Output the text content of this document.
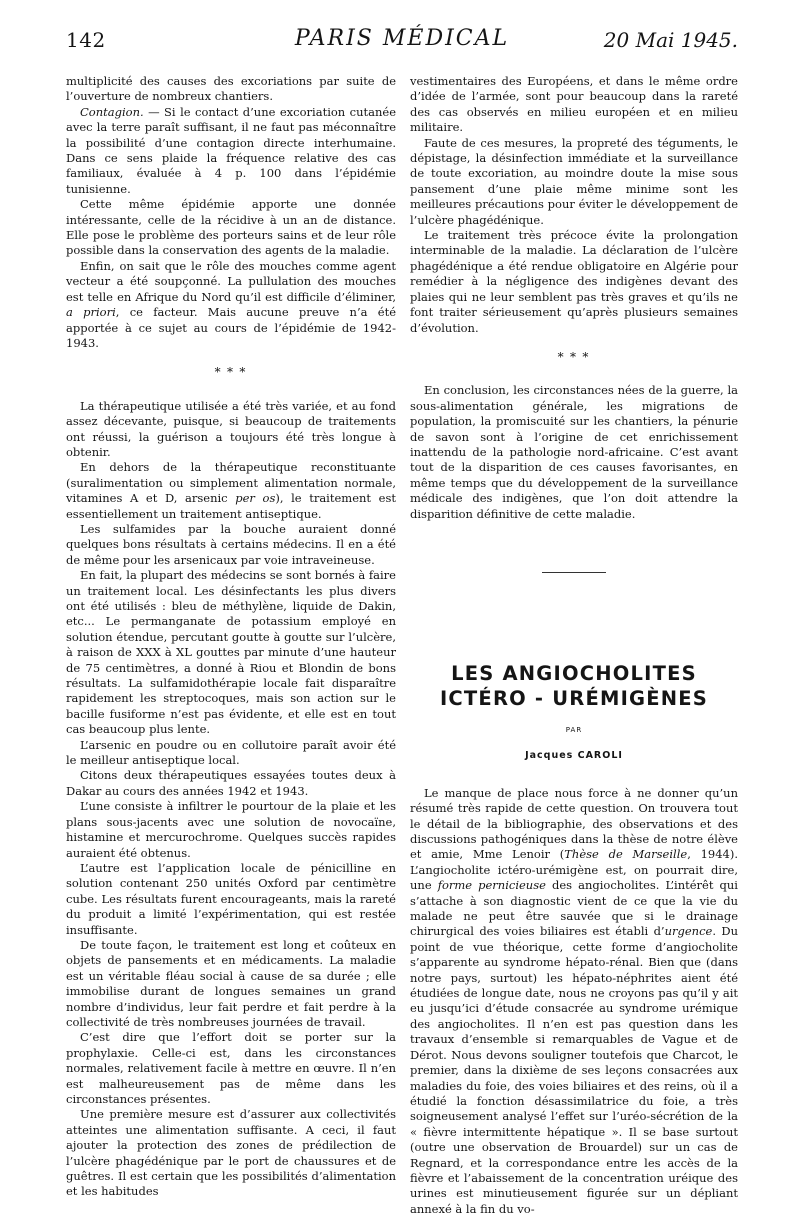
142	PARIS MÉDICAL	20 Mai 1945.

multiplicité des causes des excoriations par suite de l’ouverture de nombreux chantiers.

Contagion. — Si le contact d’une excoriation cutanée avec la terre paraît suffisant, il ne faut pas méconnaître la possibilité d’une contagion directe interhumaine. Dans ce sens plaide la fréquence relative des cas familiaux, évaluée à 4 p. 100 dans l’épidémie tunisienne.

Cette même épidémie apporte une donnée intéressante, celle de la récidive à un an de distance. Elle pose le problème des porteurs sains et de leur rôle possible dans la conservation des agents de la maladie.

Enfin, on sait que le rôle des mouches comme agent vecteur a été soupçonné. La pullulation des mouches est telle en Afrique du Nord qu’il est difficile d’éliminer, a priori, ce facteur. Mais aucune preuve n’a été apportée à ce sujet au cours de l’épidémie de 1942-1943.

* * *

La thérapeutique utilisée a été très variée, et au fond assez décevante, puisque, si beaucoup de traitements ont réussi, la guérison a toujours été très longue à obtenir.

En dehors de la thérapeutique reconstituante (suralimentation ou simplement alimentation normale, vitamines A et D, arsenic per os), le traitement est essentiellement un traitement antiseptique.

Les sulfamides par la bouche auraient donné quelques bons résultats à certains médecins. Il en a été de même pour les arsenicaux par voie intraveineuse.

En fait, la plupart des médecins se sont bornés à faire un traitement local. Les désinfectants les plus divers ont été utilisés : bleu de méthylène, liquide de Dakin, etc... Le permanganate de potassium employé en solution étendue, percutant goutte à goutte sur l’ulcère, à raison de XXX à XL gouttes par minute d’une hauteur de 75 centimètres, a donné à Riou et Blondin de bons résultats. La sulfamidothérapie locale fait disparaître rapidement les streptocoques, mais son action sur le bacille fusiforme n’est pas évidente, et elle est en tout cas beaucoup plus lente.

L’arsenic en poudre ou en collutoire paraît avoir été le meilleur antiseptique local.

Citons deux thérapeutiques essayées toutes deux à Dakar au cours des années 1942 et 1943.

L’une consiste à infiltrer le pourtour de la plaie et les plans sous-jacents avec une solution de novocaïne, histamine et mercurochrome. Quelques succès rapides auraient été obtenus.

L’autre est l’application locale de pénicilline en solution contenant 250 unités Oxford par centimètre cube. Les résultats furent encourageants, mais la rareté du produit a limité l’expérimentation, qui est restée insuffisante.

De toute façon, le traitement est long et coûteux en objets de pansements et en médicaments. La maladie est un véritable fléau social à cause de sa durée ; elle immobilise durant de longues semaines un grand nombre d’individus, leur fait perdre et fait perdre à la collectivité de très nombreuses journées de travail.

C’est dire que l’effort doit se porter sur la prophylaxie. Celle-ci est, dans les circonstances normales, relativement facile à mettre en œuvre. Il n’en est malheureusement pas de même dans les circonstances présentes.

Une première mesure est d’assurer aux collectivités atteintes une alimentation suffisante. A ceci, il faut ajouter la protection des zones de prédilection de l’ulcère phagédénique par le port de chaussures et de guêtres. Il est certain que les possibilités d’alimentation et les habitudes

vestimentaires des Européens, et dans le même ordre d’idée de l’armée, sont pour beaucoup dans la rareté des cas observés en milieu européen et en milieu militaire.

Faute de ces mesures, la propreté des téguments, le dépistage, la désinfection immédiate et la surveillance de toute excoriation, au moindre doute la mise sous pansement d’une plaie même minime sont les meilleures précautions pour éviter le développement de l’ulcère phagédénique.

Le traitement très précoce évite la prolongation interminable de la maladie. La déclaration de l’ulcère phagédénique a été rendue obligatoire en Algérie pour remédier à la négligence des indigènes devant des plaies qui ne leur semblent pas très graves et qu’ils ne font traiter sérieusement qu’après plusieurs semaines d’évolution.

* * *

En conclusion, les circonstances nées de la guerre, la sous-alimentation générale, les migrations de population, la promiscuité sur les chantiers, la pénurie de savon sont à l’origine de cet enrichissement inattendu de la pathologie nord-africaine. C’est avant tout de la disparition de ces causes favorisantes, en même temps que du développement de la surveillance médicale des indigènes, que l’on doit attendre la disparition définitive de cette maladie.

LES ANGIOCHOLITES
ICTÉRO - URÉMIGÈNES
PAR
Jacques CAROLI

Le manque de place nous force à ne donner qu’un résumé très rapide de cette question. On trouvera tout le détail de la bibliographie, des observations et des discussions pathogéniques dans la thèse de notre élève et amie, Mme Lenoir (Thèse de Marseille, 1944). L’angiocholite ictéro-urémigène est, on pourrait dire, une forme pernicieuse des angiocholites. L’intérêt qui s’attache à son diagnostic vient de ce que la vie du malade ne peut être sauvée que si le drainage chirurgical des voies biliaires est établi d’urgence. Du point de vue théorique, cette forme d’angiocholite s’apparente au syndrome hépato-rénal. Bien que (dans notre pays, surtout) les hépato-néphrites aient été étudiées de longue date, nous ne croyons pas qu’il y ait eu jusqu’ici d’étude consacrée au syndrome urémique des angiocholites. Il n’en est pas question dans les travaux d’ensemble si remarquables de Vague et de Dérot. Nous devons souligner toutefois que Charcot, le premier, dans la dixième de ses leçons consacrées aux maladies du foie, des voies biliaires et des reins, où il a étudié la fonction désassimilatrice du foie, a très soigneusement analysé l’effet sur l’uréo-sécrétion de la « fièvre intermittente hépatique ». Il se base surtout (outre une observation de Brouardel) sur un cas de Regnard, et la correspondance entre les accès de la fièvre et l’abaissement de la concentration uréique des urines est minutieusement figurée sur un dépliant annexé à la fin du vo-
